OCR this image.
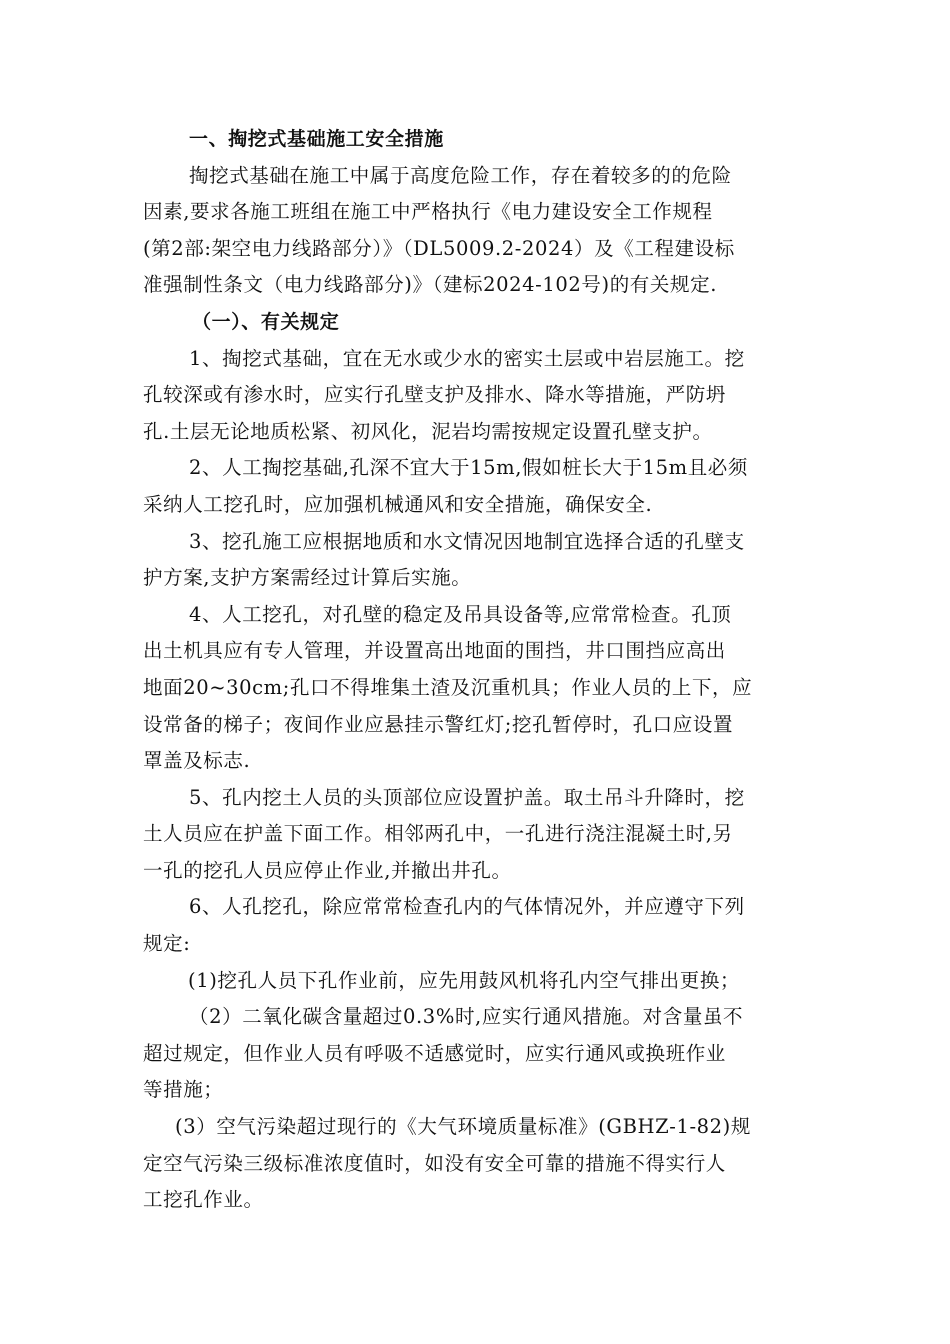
一、掏挖式基础施工安全措施
掏挖式基础在施工中属于高度危险工作，存在着较多的的危险
因素,要求各施工班组在施工中严格执行《电力建设安全工作规程
(第2部:架空电力线路部分）》（DL5009.2-2024）及《工程建设标
准强制性条文（电力线路部分)》（建标2024-102号)的有关规定.
（一）、有关规定
1、掏挖式基础，宜在无水或少水的密实土层或中岩层施工。挖
孔较深或有渗水时，应实行孔壁支护及排水、降水等措施，严防坍
孔.土层无论地质松紧、初风化，泥岩均需按规定设置孔壁支护。
2、人工掏挖基础,孔深不宜大于15m,假如桩长大于15m且必须
采纳人工挖孔时，应加强机械通风和安全措施，确保安全.
3、挖孔施工应根据地质和水文情况因地制宜选择合适的孔壁支
护方案,支护方案需经过计算后实施。
4、人工挖孔，对孔壁的稳定及吊具设备等,应常常检查。孔顶
出土机具应有专人管理，并设置高出地面的围挡，井口围挡应高出
地面20~30cm;孔口不得堆集土渣及沉重机具；作业人员的上下，应
设常备的梯子；夜间作业应悬挂示警红灯;挖孔暂停时，孔口应设置
罩盖及标志.
5、孔内挖土人员的头顶部位应设置护盖。取土吊斗升降时，挖
土人员应在护盖下面工作。相邻两孔中，一孔进行浇注混凝土时,另
一孔的挖孔人员应停止作业,并撤出井孔。
6、人孔挖孔，除应常常检查孔内的气体情况外，并应遵守下列
规定:
(1)挖孔人员下孔作业前，应先用鼓风机将孔内空气排出更换；
（2）二氧化碳含量超过0.3%时,应实行通风措施。对含量虽不
超过规定，但作业人员有呼吸不适感觉时，应实行通风或换班作业
等措施；
(3）空气污染超过现行的《大气环境质量标准》(GBHZ-1-82)规
定空气污染三级标准浓度值时，如没有安全可靠的措施不得实行人
工挖孔作业。
